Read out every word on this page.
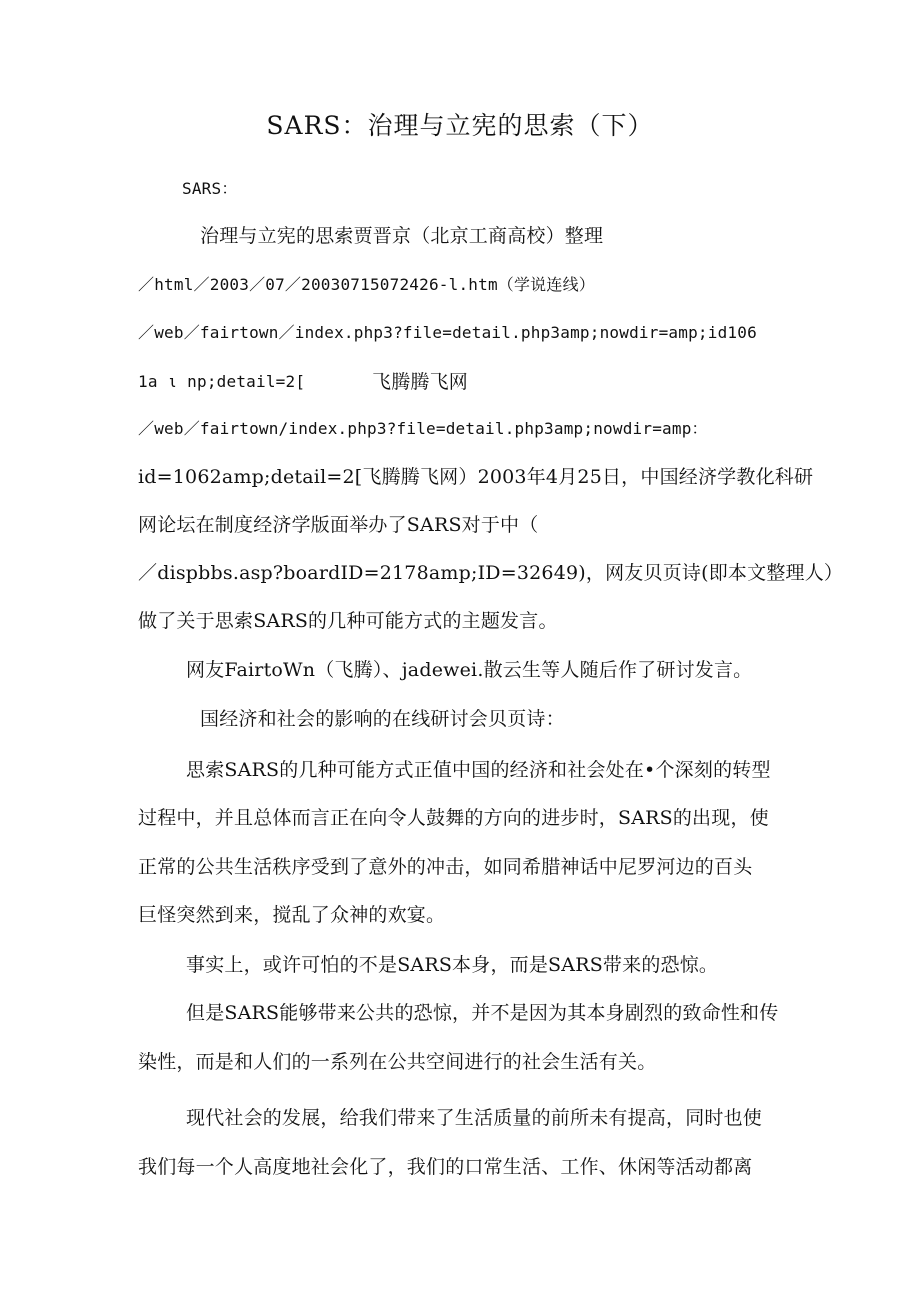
SARS：治理与立宪的思索（下）
SARS：
治理与立宪的思索贾晋京（北京工商高校）整理
／html／2003／07／20030715072426-l.htm（学说连线）
／web／fairtown／index.php3?file=detail.php3amp;nowdir=amp;id106
1a ι np;detail=2[	飞腾腾飞网
／web／fairtown/index.php3?file=detail.php3amp;nowdir=amp：
id=1062amp;detail=2[飞腾腾飞网）2003年4月25日，中国经济学教化科研
网论坛在制度经济学版面举办了SARS对于中（
／dispbbs.asp?boardID=2178amp;ID=32649)，网友贝页诗(即本文整理人）
做了关于思索SARS的几种可能方式的主题发言。
网友FairtoWn（飞腾）、jadewei.散云生等人随后作了研讨发言。
国经济和社会的影响的在线研讨会贝页诗：
思索SARS的几种可能方式正值中国的经济和社会处在•个深刻的转型
过程中，并且总体而言正在向令人鼓舞的方向的进步时，SARS的出现，使
正常的公共生活秩序受到了意外的冲击，如同希腊神话中尼罗河边的百头
巨怪突然到来，搅乱了众神的欢宴。
事实上，或许可怕的不是SARS本身，而是SARS带来的恐惊。
但是SARS能够带来公共的恐惊，并不是因为其本身剧烈的致命性和传
染性，而是和人们的一系列在公共空间进行的社会生活有关。
现代社会的发展，给我们带来了生活质量的前所未有提高，同时也使
我们每一个人高度地社会化了，我们的口常生活、工作、休闲等活动都离
